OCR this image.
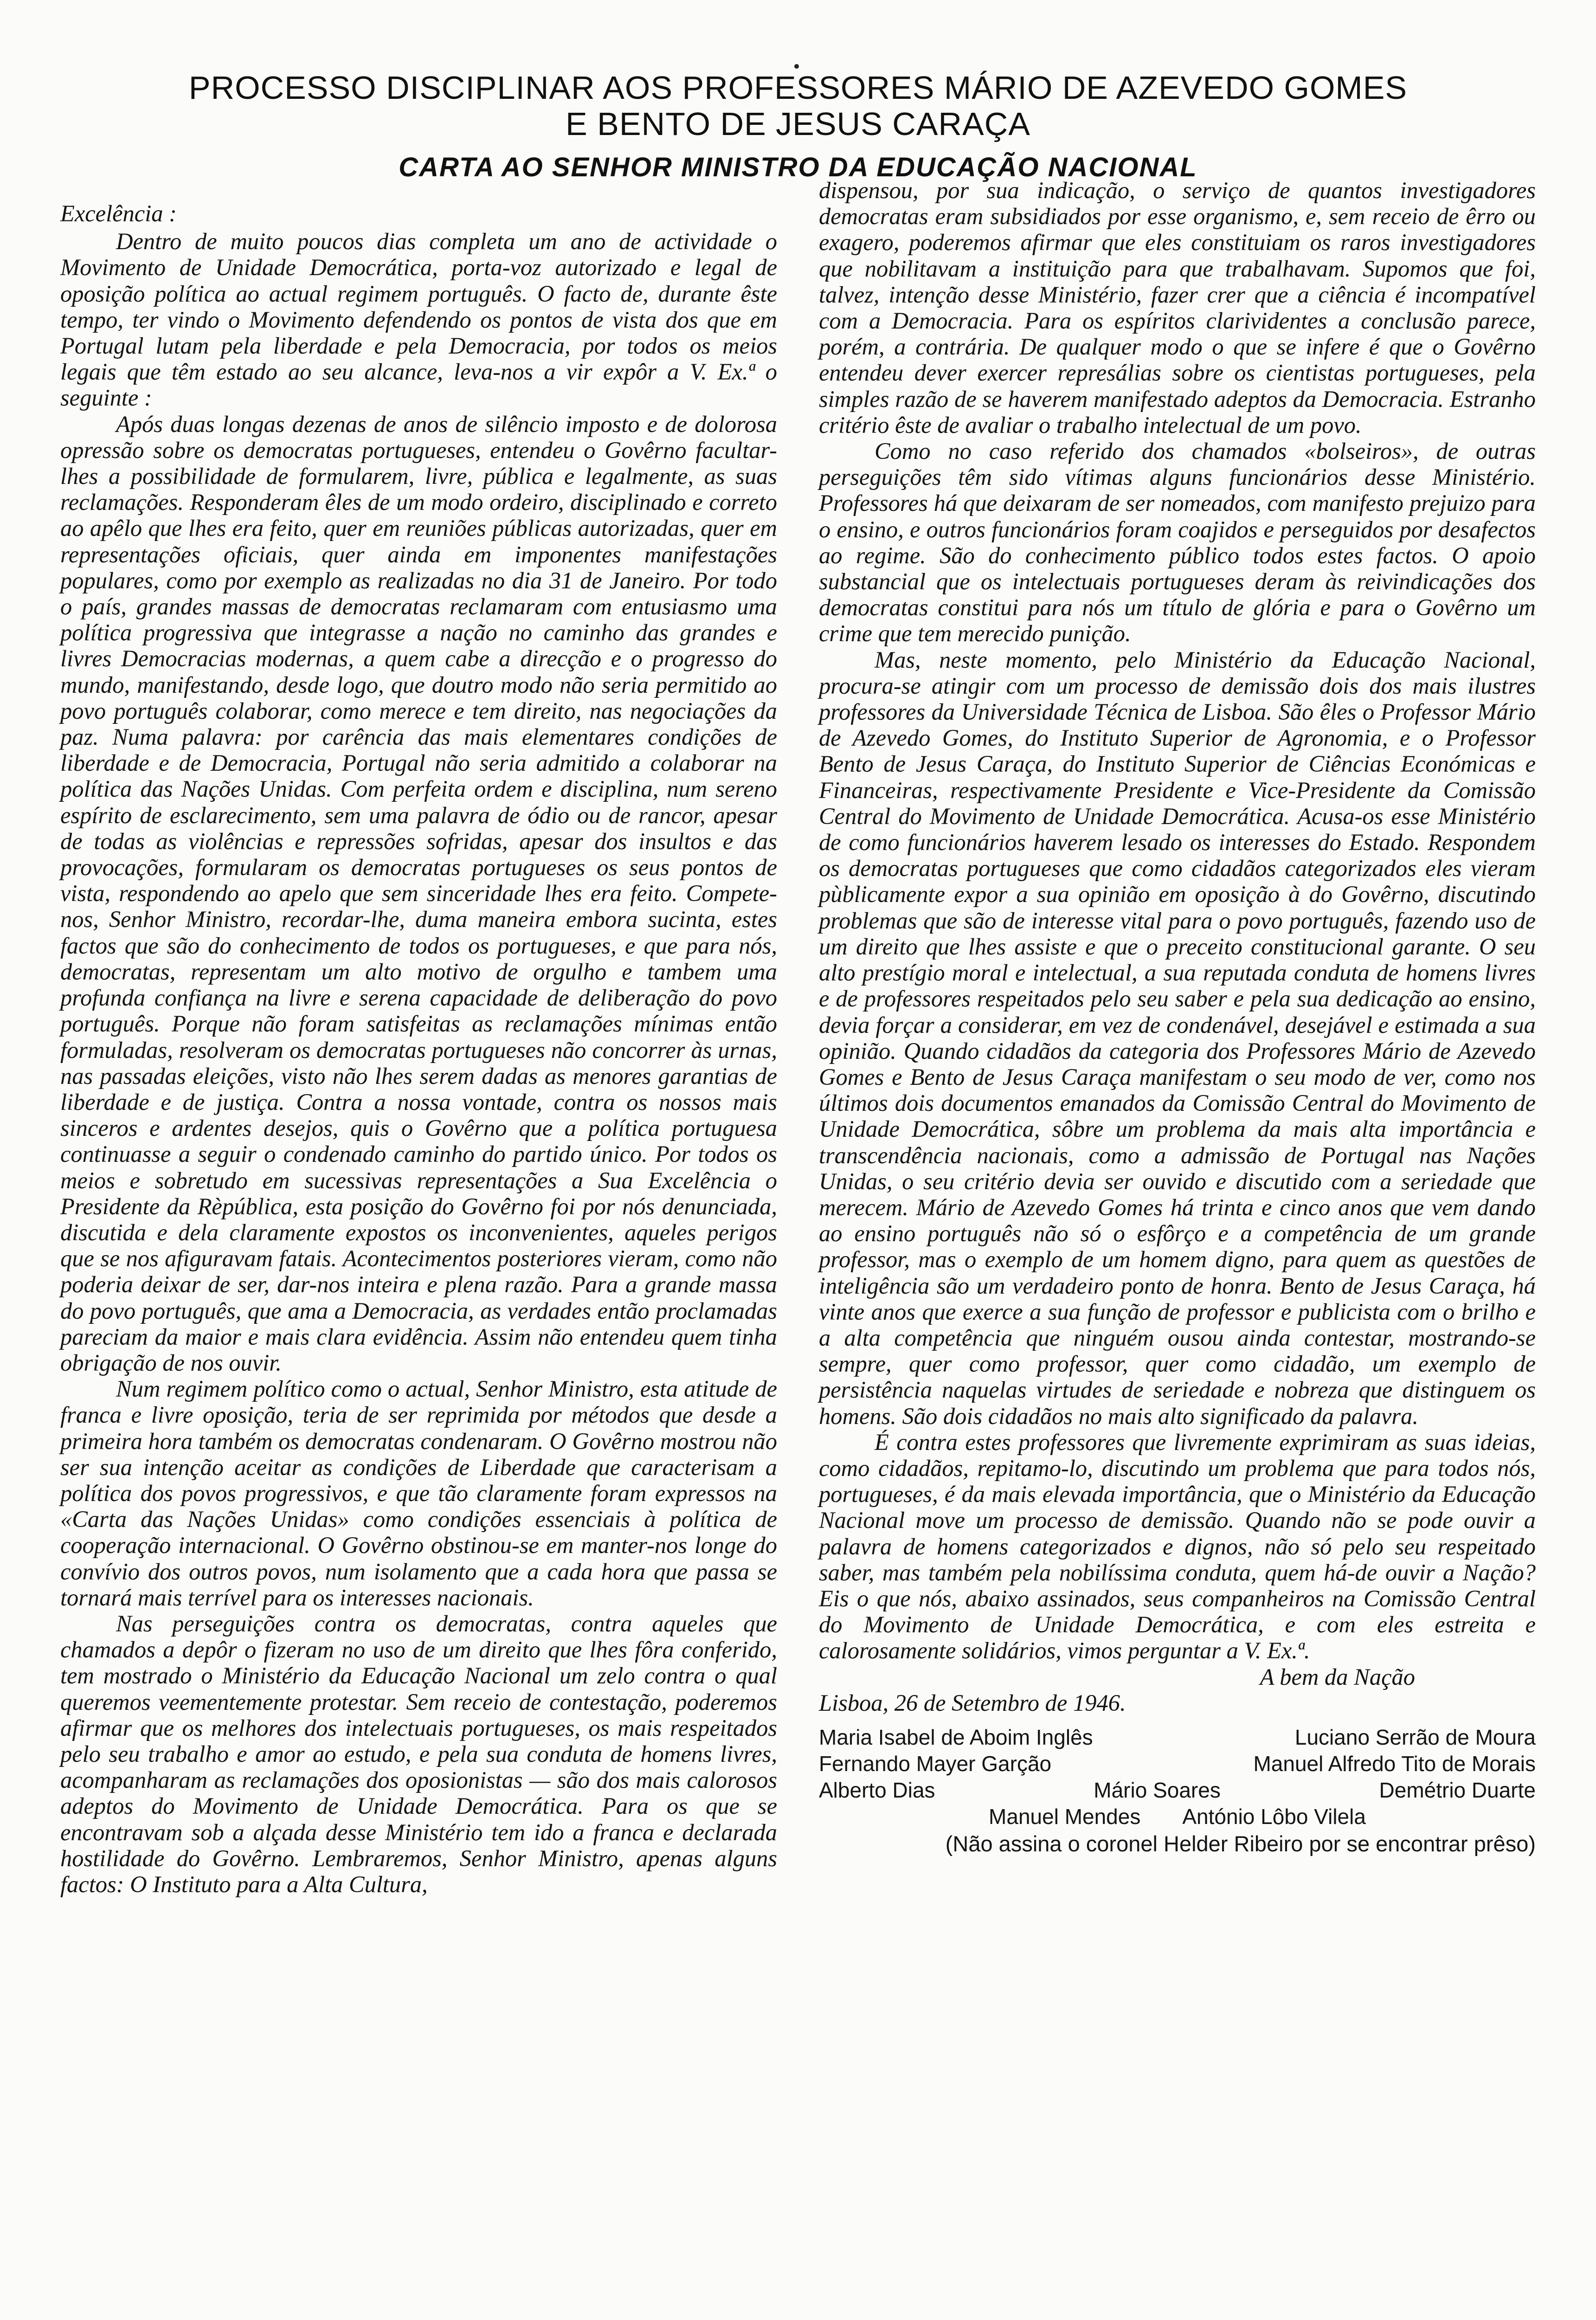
PROCESSO DISCIPLINAR AOS PROFESSORES MÁRIO DE AZEVEDO GOMES
E BENTO DE JESUS CARAÇA
CARTA AO SENHOR MINISTRO DA EDUCAÇÃO NACIONAL

Excelência :

Dentro de muito poucos dias completa um ano de actividade o Movimento de Unidade Democrática, porta-voz autorizado e legal de oposição política ao actual regimem português. O facto de, durante êste tempo, ter vindo o Movimento defendendo os pontos de vista dos que em Portugal lutam pela liberdade e pela Democracia, por todos os meios legais que têm estado ao seu alcance, leva-nos a vir expôr a V. Ex.ª o seguinte :

Após duas longas dezenas de anos de silêncio imposto e de dolorosa opressão sobre os democratas portugueses, entendeu o Govêrno facultar-lhes a possibilidade de formularem, livre, pública e legalmente, as suas reclamações. Responderam êles de um modo ordeiro, disciplinado e correto ao apêlo que lhes era feito, quer em reuniões públicas autorizadas, quer em representações oficiais, quer ainda em imponentes manifestações populares, como por exemplo as realizadas no dia 31 de Janeiro. Por todo o país, grandes massas de democratas reclamaram com entusiasmo uma política progressiva que integrasse a nação no caminho das grandes e livres Democracias modernas, a quem cabe a direcção e o progresso do mundo, manifestando, desde logo, que doutro modo não seria permitido ao povo português colaborar, como merece e tem direito, nas negociações da paz. Numa palavra: por carência das mais elementares condições de liberdade e de Democracia, Portugal não seria admitido a colaborar na política das Nações Unidas. Com perfeita ordem e disciplina, num sereno espírito de esclarecimento, sem uma palavra de ódio ou de rancor, apesar de todas as violências e repressões sofridas, apesar dos insultos e das provocações, formularam os democratas portugueses os seus pontos de vista, respondendo ao apelo que sem sinceridade lhes era feito. Compete-nos, Senhor Ministro, recordar-lhe, duma maneira embora sucinta, estes factos que são do conhecimento de todos os portugueses, e que para nós, democratas, representam um alto motivo de orgulho e tambem uma profunda confiança na livre e serena capacidade de deliberação do povo português. Porque não foram satisfeitas as reclamações mínimas então formuladas, resolveram os democratas portugueses não concorrer às urnas, nas passadas eleições, visto não lhes serem dadas as menores garantias de liberdade e de justiça. Contra a nossa vontade, contra os nossos mais sinceros e ardentes desejos, quis o Govêrno que a política portuguesa continuasse a seguir o condenado caminho do partido único. Por todos os meios e sobretudo em sucessivas representações a Sua Excelência o Presidente da Rèpública, esta posição do Govêrno foi por nós denunciada, discutida e dela claramente expostos os inconvenientes, aqueles perigos que se nos afiguravam fatais. Acontecimentos posteriores vieram, como não poderia deixar de ser, dar-nos inteira e plena razão. Para a grande massa do povo português, que ama a Democracia, as verdades então proclamadas pareciam da maior e mais clara evidência. Assim não entendeu quem tinha obrigação de nos ouvir.

Num regimem político como o actual, Senhor Ministro, esta atitude de franca e livre oposição, teria de ser reprimida por métodos que desde a primeira hora também os democratas condenaram. O Govêrno mostrou não ser sua intenção aceitar as condições de Liberdade que caracterisam a política dos povos progressivos, e que tão claramente foram expressos na «Carta das Nações Unidas» como condições essenciais à política de cooperação internacional. O Govêrno obstinou-se em manter-nos longe do convívio dos outros povos, num isolamento que a cada hora que passa se tornará mais terrível para os interesses nacionais.

Nas perseguições contra os democratas, contra aqueles que chamados a depôr o fizeram no uso de um direito que lhes fôra conferido, tem mostrado o Ministério da Educação Nacional um zelo contra o qual queremos veementemente protestar. Sem receio de contestação, poderemos afirmar que os melhores dos intelectuais portugueses, os mais respeitados pelo seu trabalho e amor ao estudo, e pela sua conduta de homens livres, acompanharam as reclamações dos oposionistas — são dos mais calorosos adeptos do Movimento de Unidade Democrática. Para os que se encontravam sob a alçada desse Ministério tem ido a franca e declarada hostilidade do Govêrno. Lembraremos, Senhor Ministro, apenas alguns factos: O Instituto para a Alta Cultura,

dispensou, por sua indicação, o serviço de quantos investigadores democratas eram subsidiados por esse organismo, e, sem receio de êrro ou exagero, poderemos afirmar que eles constituiam os raros investigadores que nobilitavam a instituição para que trabalhavam. Supomos que foi, talvez, intenção desse Ministério, fazer crer que a ciência é incompatível com a Democracia. Para os espíritos clarividentes a conclusão parece, porém, a contrária. De qualquer modo o que se infere é que o Govêrno entendeu dever exercer represálias sobre os cientistas portugueses, pela simples razão de se haverem manifestado adeptos da Democracia. Estranho critério êste de avaliar o trabalho intelectual de um povo.

Como no caso referido dos chamados «bolseiros», de outras perseguições têm sido vítimas alguns funcionários desse Ministério. Professores há que deixaram de ser nomeados, com manifesto prejuizo para o ensino, e outros funcionários foram coajidos e perseguidos por desafectos ao regime. São do conhecimento público todos estes factos. O apoio substancial que os intelectuais portugueses deram às reivindicações dos democratas constitui para nós um título de glória e para o Govêrno um crime que tem merecido punição.

Mas, neste momento, pelo Ministério da Educação Nacional, procura-se atingir com um processo de demissão dois dos mais ilustres professores da Universidade Técnica de Lisboa. São êles o Professor Mário de Azevedo Gomes, do Instituto Superior de Agronomia, e o Professor Bento de Jesus Caraça, do Instituto Superior de Ciências Económicas e Financeiras, respectivamente Presidente e Vice-Presidente da Comissão Central do Movimento de Unidade Democrática. Acusa-os esse Ministério de como funcionários haverem lesado os interesses do Estado. Respondem os democratas portugueses que como cidadãos categorizados eles vieram pùblicamente expor a sua opinião em oposição à do Govêrno, discutindo problemas que são de interesse vital para o povo português, fazendo uso de um direito que lhes assiste e que o preceito constitucional garante. O seu alto prestígio moral e intelectual, a sua reputada conduta de homens livres e de professores respeitados pelo seu saber e pela sua dedicação ao ensino, devia forçar a considerar, em vez de condenável, desejável e estimada a sua opinião. Quando cidadãos da categoria dos Professores Mário de Azevedo Gomes e Bento de Jesus Caraça manifestam o seu modo de ver, como nos últimos dois documentos emanados da Comissão Central do Movimento de Unidade Democrática, sôbre um problema da mais alta importância e transcendência nacionais, como a admissão de Portugal nas Nações Unidas, o seu critério devia ser ouvido e discutido com a seriedade que merecem. Mário de Azevedo Gomes há trinta e cinco anos que vem dando ao ensino português não só o esfôrço e a competência de um grande professor, mas o exemplo de um homem digno, para quem as questões de inteligência são um verdadeiro ponto de honra. Bento de Jesus Caraça, há vinte anos que exerce a sua função de professor e publicista com o brilho e a alta competência que ninguém ousou ainda contestar, mostrando-se sempre, quer como professor, quer como cidadão, um exemplo de persistência naquelas virtudes de seriedade e nobreza que distinguem os homens. São dois cidadãos no mais alto significado da palavra.

É contra estes professores que livremente exprimiram as suas ideias, como cidadãos, repitamo-lo, discutindo um problema que para todos nós, portugueses, é da mais elevada importância, que o Ministério da Educação Nacional move um processo de demissão. Quando não se pode ouvir a palavra de homens categorizados e dignos, não só pelo seu respeitado saber, mas também pela nobilíssima conduta, quem há-de ouvir a Nação? Eis o que nós, abaixo assinados, seus companheiros na Comissão Central do Movimento de Unidade Democrática, e com eles estreita e calorosamente solidários, vimos perguntar a V. Ex.ª.

A bem da Nação

Lisboa, 26 de Setembro de 1946.

Maria Isabel de Aboim Inglês	Luciano Serrão de Moura
Fernando Mayer Garção	Manuel Alfredo Tito de Morais
Alberto Dias	Mário Soares	Demétrio Duarte
Manuel Mendes António Lôbo Vilela

(Não assina o coronel Helder Ribeiro por se encontrar prêso)
